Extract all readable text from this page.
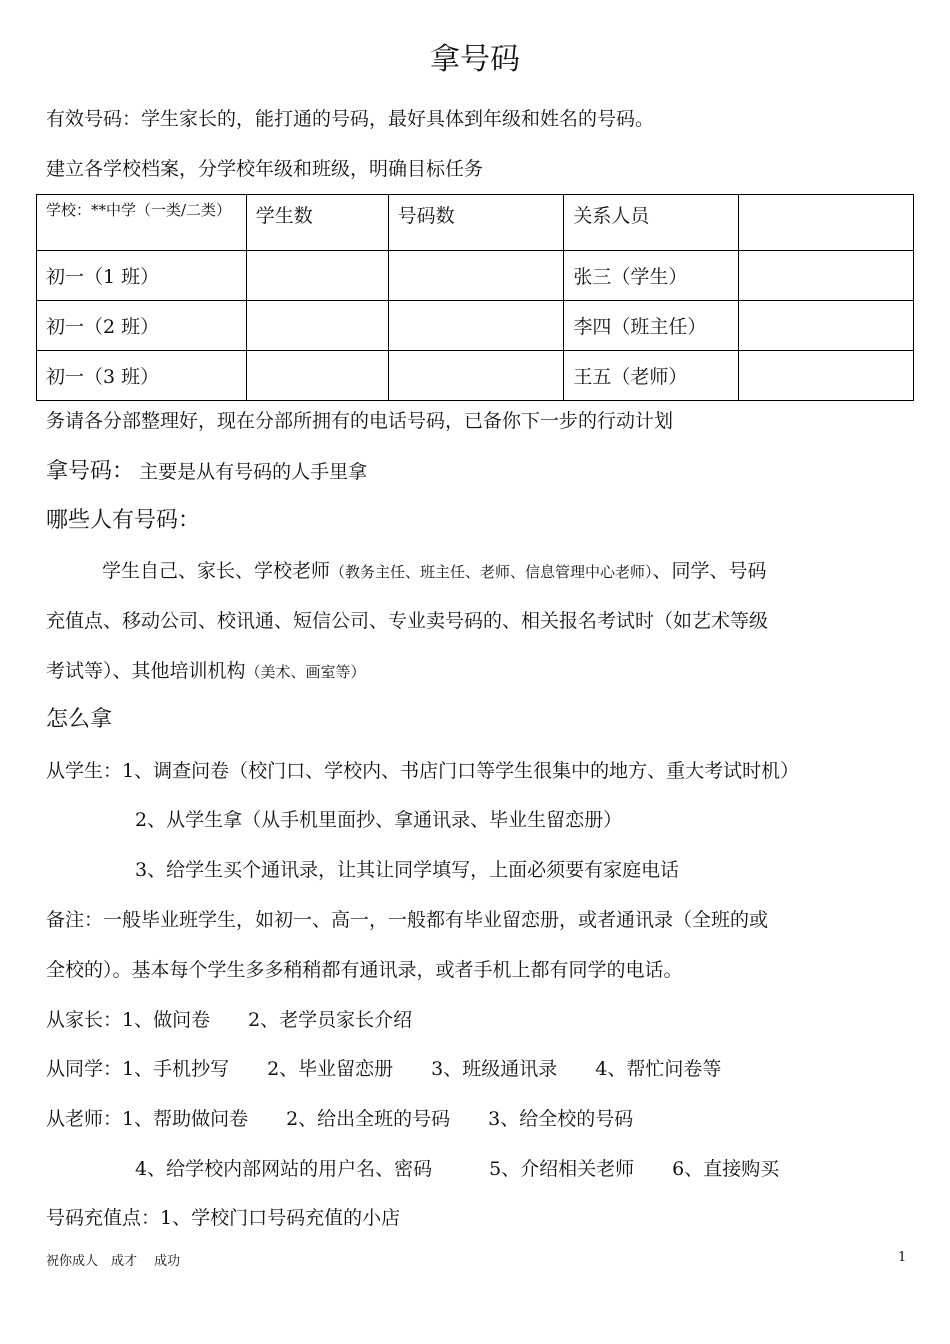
拿号码
有效号码：学生家长的，能打通的号码，最好具体到年级和姓名的号码。
建立各学校档案，分学校年级和班级，明确目标任务
学校：**中学（一类/二类）	学生数	号码数	关系人员	
初一（1 班）			张三（学生）	
初一（2 班）			李四（班主任）	
初一（3 班）			王五（老师）	
务请各分部整理好，现在分部所拥有的电话号码，已备你下一步的行动计划
拿号码： 主要是从有号码的人手里拿
哪些人有号码：
学生自己、家长、学校老师（教务主任、班主任、老师、信息管理中心老师）、同学、号码
充值点、移动公司、校讯通、短信公司、专业卖号码的、相关报名考试时（如艺术等级
考试等）、其他培训机构（美术、画室等）
怎么拿
从学生：1、调查问卷（校门口、学校内、书店门口等学生很集中的地方、重大考试时机）
2、从学生拿（从手机里面抄、拿通讯录、毕业生留恋册）
3、给学生买个通讯录，让其让同学填写，上面必须要有家庭电话
备注：一般毕业班学生，如初一、高一，一般都有毕业留恋册，或者通讯录（全班的或
全校的）。基本每个学生多多稍稍都有通讯录，或者手机上都有同学的电话。
从家长：1、做问卷　　2、老学员家长介绍
从同学：1、手机抄写　　2、毕业留恋册　　3、班级通讯录　　4、帮忙问卷等
从老师：1、帮助做问卷　　2、给出全班的号码　　3、给全校的号码
4、给学校内部网站的用户名、密码　　　5、介绍相关老师　　6、直接购买
号码充值点：1、学校门口号码充值的小店
祝你成人　成才　 成功	1
